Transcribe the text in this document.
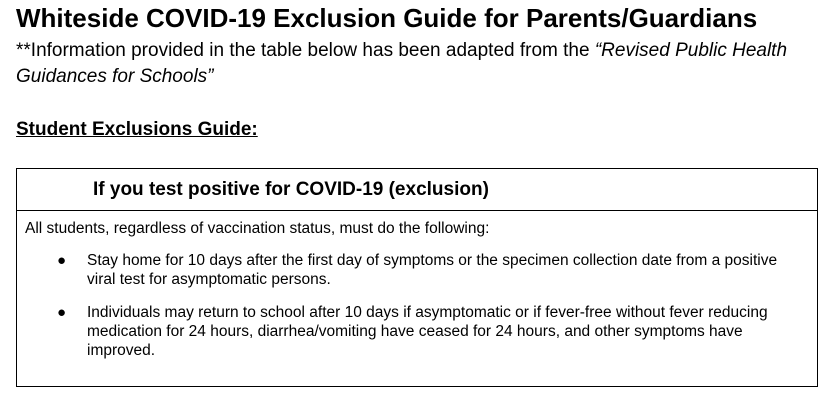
Whiteside COVID-19 Exclusion Guide for Parents/Guardians

**Information provided in the table below has been adapted from the “Revised Public Health Guidances for Schools”

Student Exclusions Guide:
If you test positive for COVID-19 (exclusion)

All students, regardless of vaccination status, must do the following:

● Stay home for 10 days after the first day of symptoms or the specimen collection date from a positive viral test for asymptomatic persons.
● Individuals may return to school after 10 days if asymptomatic or if fever-free without fever reducing medication for 24 hours, diarrhea/vomiting have ceased for 24 hours, and other symptoms have improved.
